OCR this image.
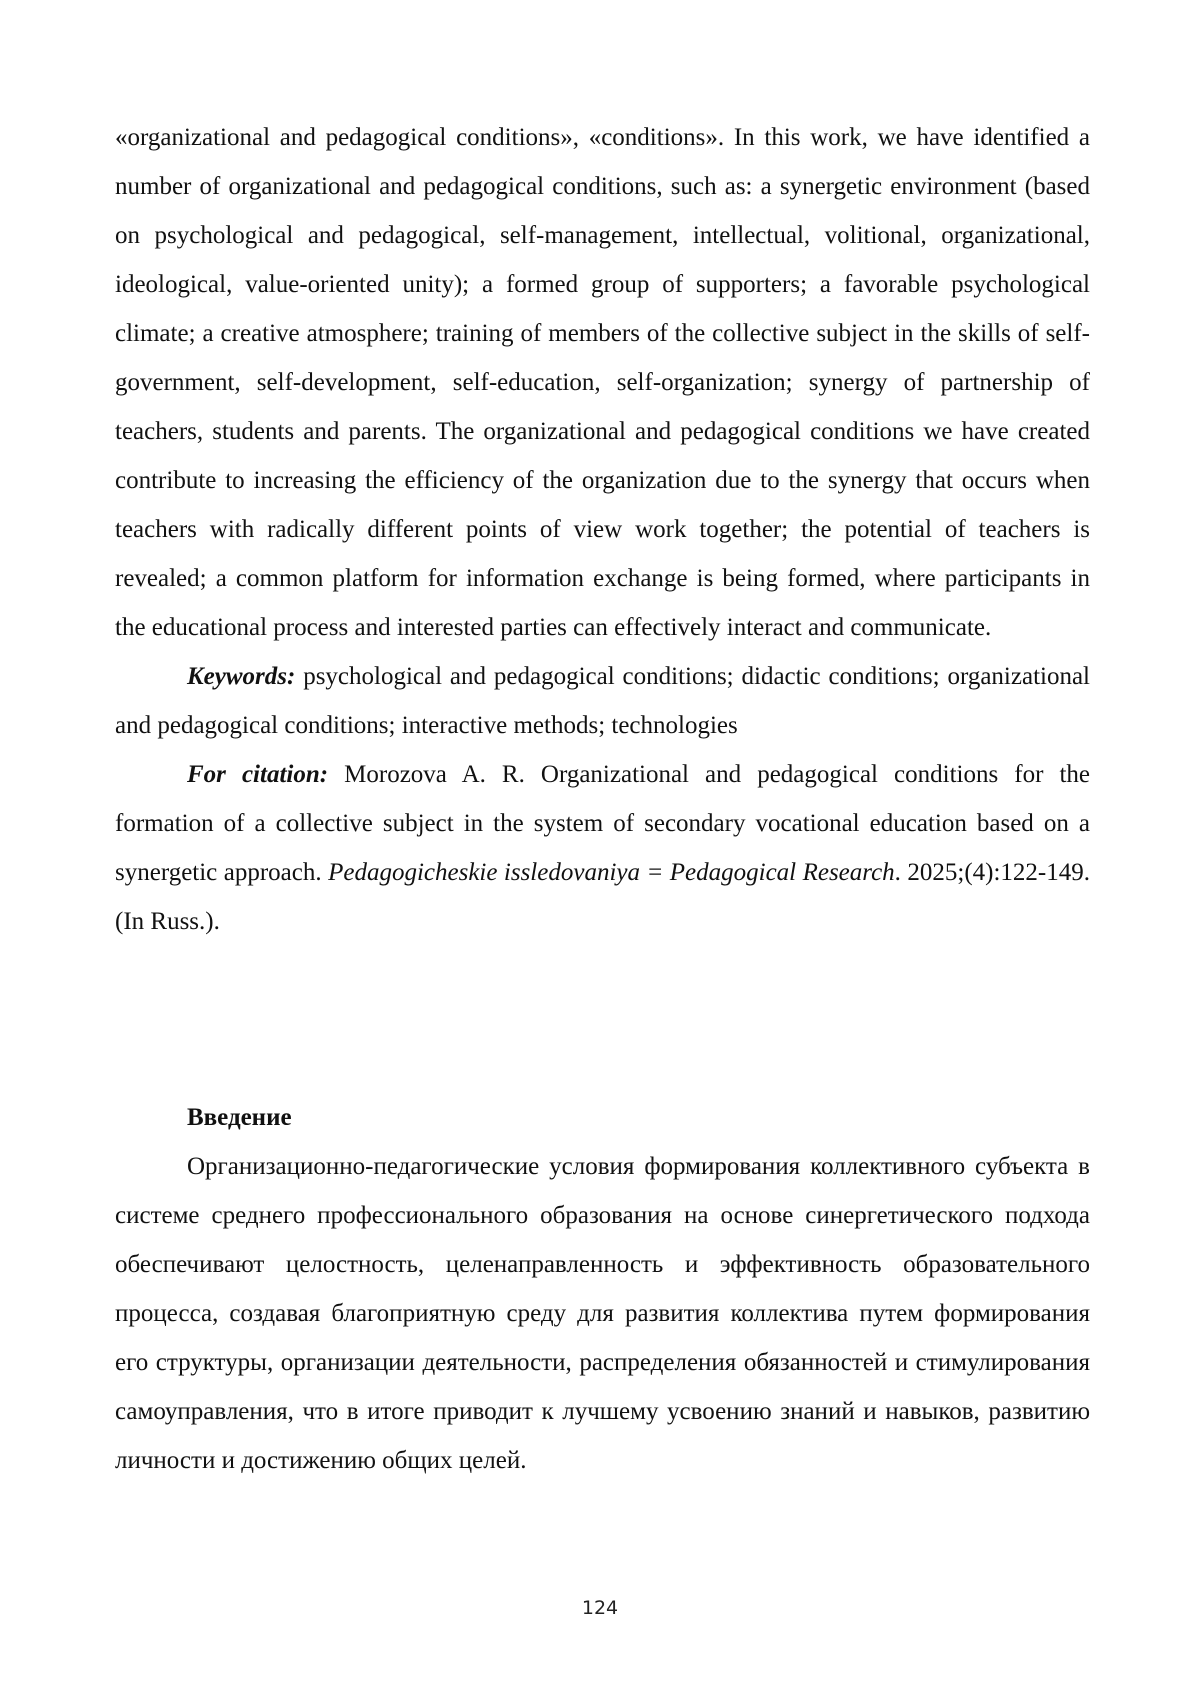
«organizational and pedagogical conditions», «conditions». In this work, we have identified a number of organizational and pedagogical conditions, such as: a synergetic environment (based on psychological and pedagogical, self-management, intellectual, volitional, organizational, ideological, value-oriented unity); a formed group of supporters; a favorable psychological climate; a creative atmosphere; training of members of the collective subject in the skills of self-government, self-development, self-education, self-organization; synergy of partnership of teachers, students and parents. The organizational and pedagogical conditions we have created contribute to increasing the efficiency of the organization due to the synergy that occurs when teachers with radically different points of view work together; the potential of teachers is revealed; a common platform for information exchange is being formed, where participants in the educational process and interested parties can effectively interact and communicate.

Keywords: psychological and pedagogical conditions; didactic conditions; organizational and pedagogical conditions; interactive methods; technologies

For citation: Morozova A. R. Organizational and pedagogical conditions for the formation of a collective subject in the system of secondary vocational education based on a synergetic approach. Pedagogicheskie issledovaniya = Pedagogical Research. 2025;(4):122-149. (In Russ.).

Введение

Организационно-педагогические условия формирования коллективного субъекта в системе среднего профессионального образования на основе синергетического подхода обеспечивают целостность, целенаправленность и эффективность образовательного процесса, создавая благоприятную среду для развития коллектива путем формирования его структуры, организации деятельности, распределения обязанностей и стимулирования самоуправления, что в итоге приводит к лучшему усвоению знаний и навыков, развитию личности и достижению общих целей.

124
